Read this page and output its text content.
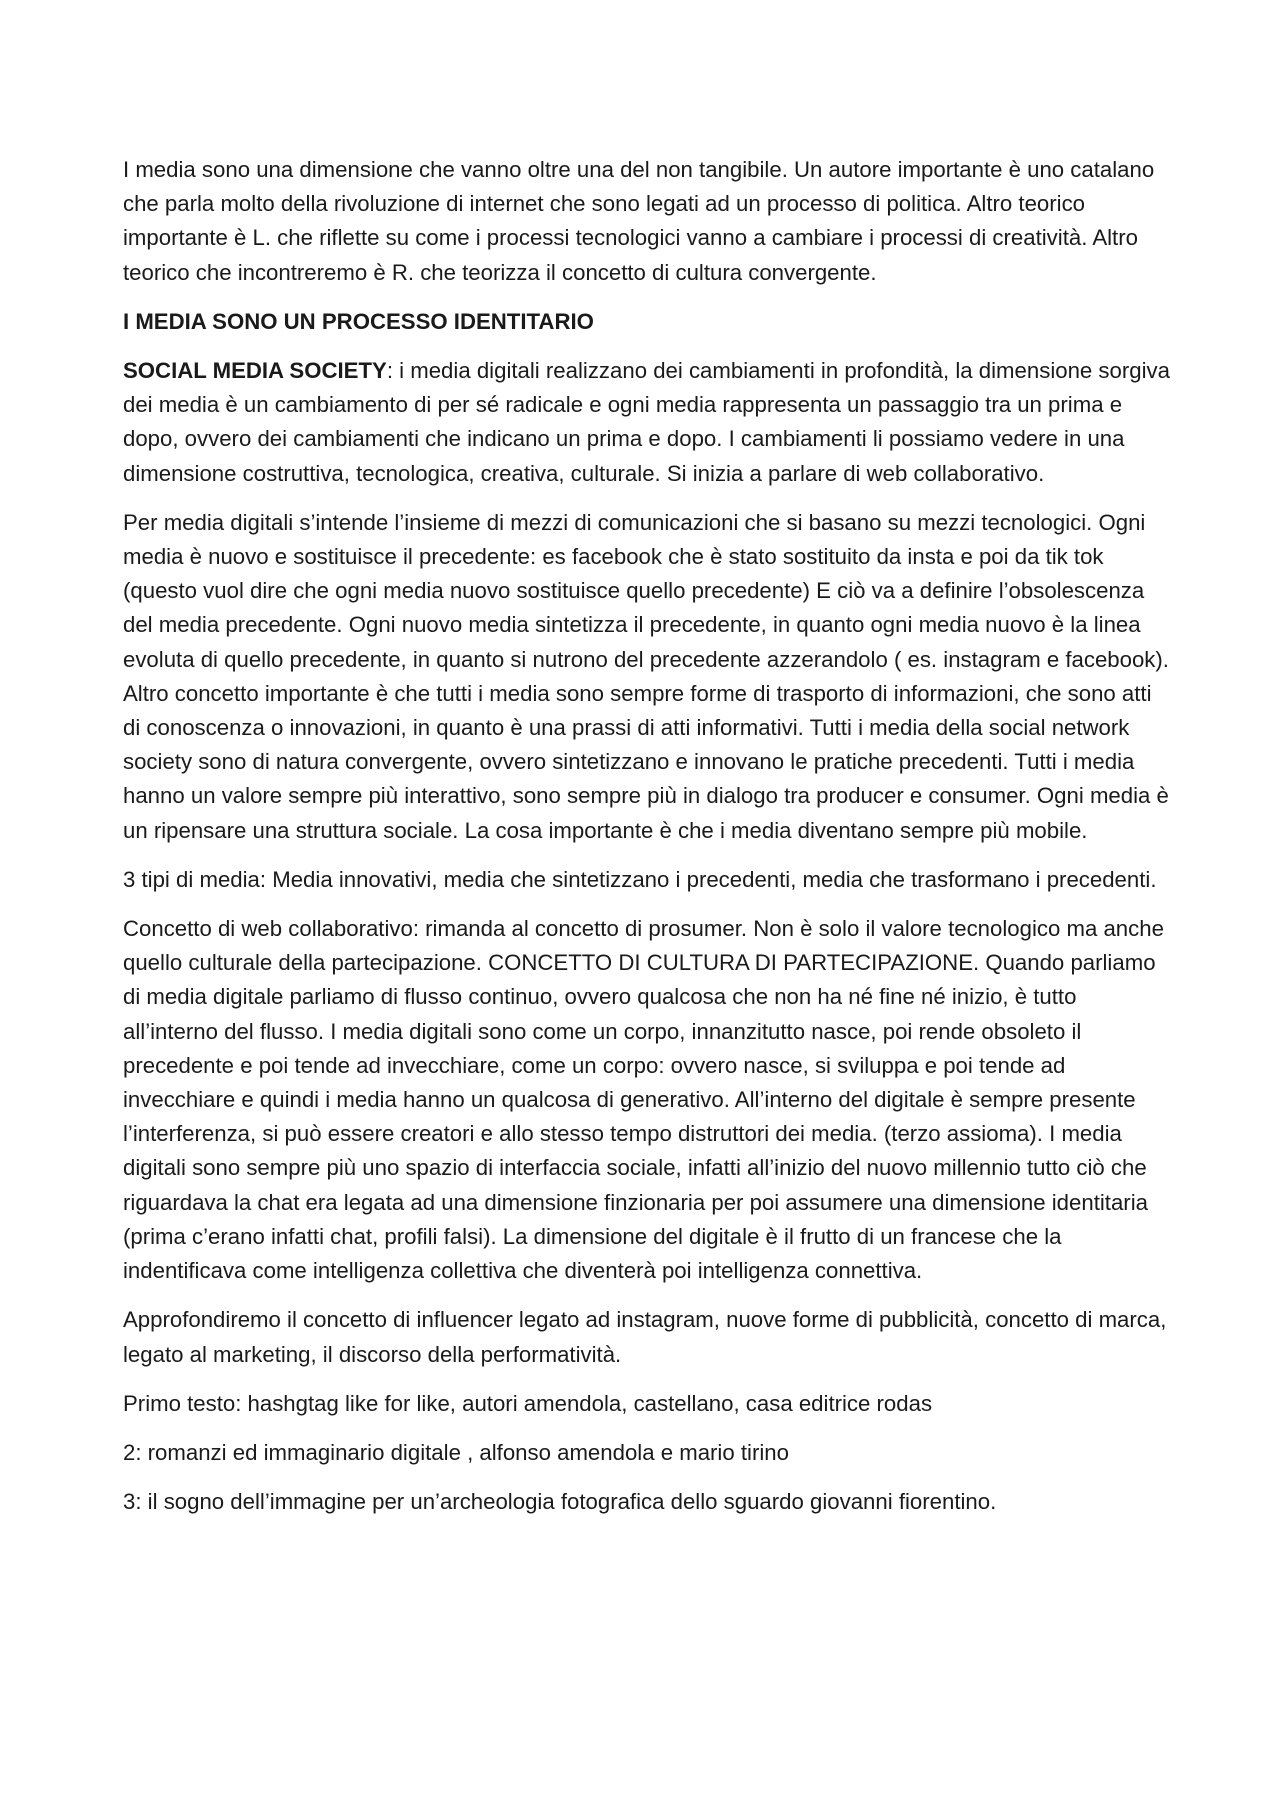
I media sono una dimensione che vanno oltre una del non tangibile. Un autore importante è uno catalano che parla molto della rivoluzione di internet che sono legati ad un processo di politica. Altro teorico importante è L. che riflette su come i processi tecnologici vanno a cambiare i processi di creatività. Altro teorico che incontreremo è R. che teorizza il concetto di cultura convergente.

I MEDIA SONO UN PROCESSO IDENTITARIO

SOCIAL MEDIA SOCIETY: i media digitali realizzano dei cambiamenti in profondità, la dimensione sorgiva dei media è un cambiamento di per sé radicale e ogni media rappresenta un passaggio tra un prima e dopo, ovvero dei cambiamenti che indicano un prima e dopo. I cambiamenti li possiamo vedere in una dimensione costruttiva, tecnologica, creativa, culturale. Si inizia a parlare di web collaborativo.

Per media digitali s’intende l’insieme di mezzi di comunicazioni che si basano su mezzi tecnologici. Ogni media è nuovo e sostituisce il precedente: es facebook che è stato sostituito da insta e poi da tik tok (questo vuol dire che ogni media nuovo sostituisce quello precedente) E ciò va a definire l’obsolescenza del media precedente. Ogni nuovo media sintetizza il precedente, in quanto ogni media nuovo è la linea evoluta di quello precedente, in quanto si nutrono del precedente azzerandolo ( es. instagram e facebook). Altro concetto importante è che tutti i media sono sempre forme di trasporto di informazioni, che sono atti di conoscenza o innovazioni, in quanto è una prassi di atti informativi. Tutti i media della social network society sono di natura convergente, ovvero sintetizzano e innovano le pratiche precedenti. Tutti i media hanno un valore sempre più interattivo, sono sempre più in dialogo tra producer e consumer. Ogni media è un ripensare una struttura sociale. La cosa importante è che i media diventano sempre più mobile.

3 tipi di media: Media innovativi, media che sintetizzano i precedenti, media che trasformano i precedenti.

Concetto di web collaborativo: rimanda al concetto di prosumer. Non è solo il valore tecnologico ma anche quello culturale della partecipazione. CONCETTO DI CULTURA DI PARTECIPAZIONE. Quando parliamo di media digitale parliamo di flusso continuo, ovvero qualcosa che non ha né fine né inizio, è tutto all’interno del flusso. I media digitali sono come un corpo, innanzitutto nasce, poi rende obsoleto il precedente e poi tende ad invecchiare, come un corpo: ovvero nasce, si sviluppa e poi tende ad invecchiare e quindi i media hanno un qualcosa di generativo. All’interno del digitale è sempre presente l’interferenza, si può essere creatori e allo stesso tempo distruttori dei media. (terzo assioma). I media digitali sono sempre più uno spazio di interfaccia sociale, infatti all’inizio del nuovo millennio tutto ciò che riguardava la chat era legata ad una dimensione finzionaria per poi assumere una dimensione identitaria (prima c’erano infatti chat, profili falsi). La dimensione del digitale è il frutto di un francese che la indentificava come intelligenza collettiva che diventerà poi intelligenza connettiva.

Approfondiremo il concetto di influencer legato ad instagram, nuove forme di pubblicità, concetto di marca, legato al marketing, il discorso della performatività.

Primo testo: hashgtag like for like, autori amendola, castellano, casa editrice rodas

2: romanzi ed immaginario digitale , alfonso amendola e mario tirino

3: il sogno dell’immagine per un’archeologia fotografica dello sguardo giovanni fiorentino.
